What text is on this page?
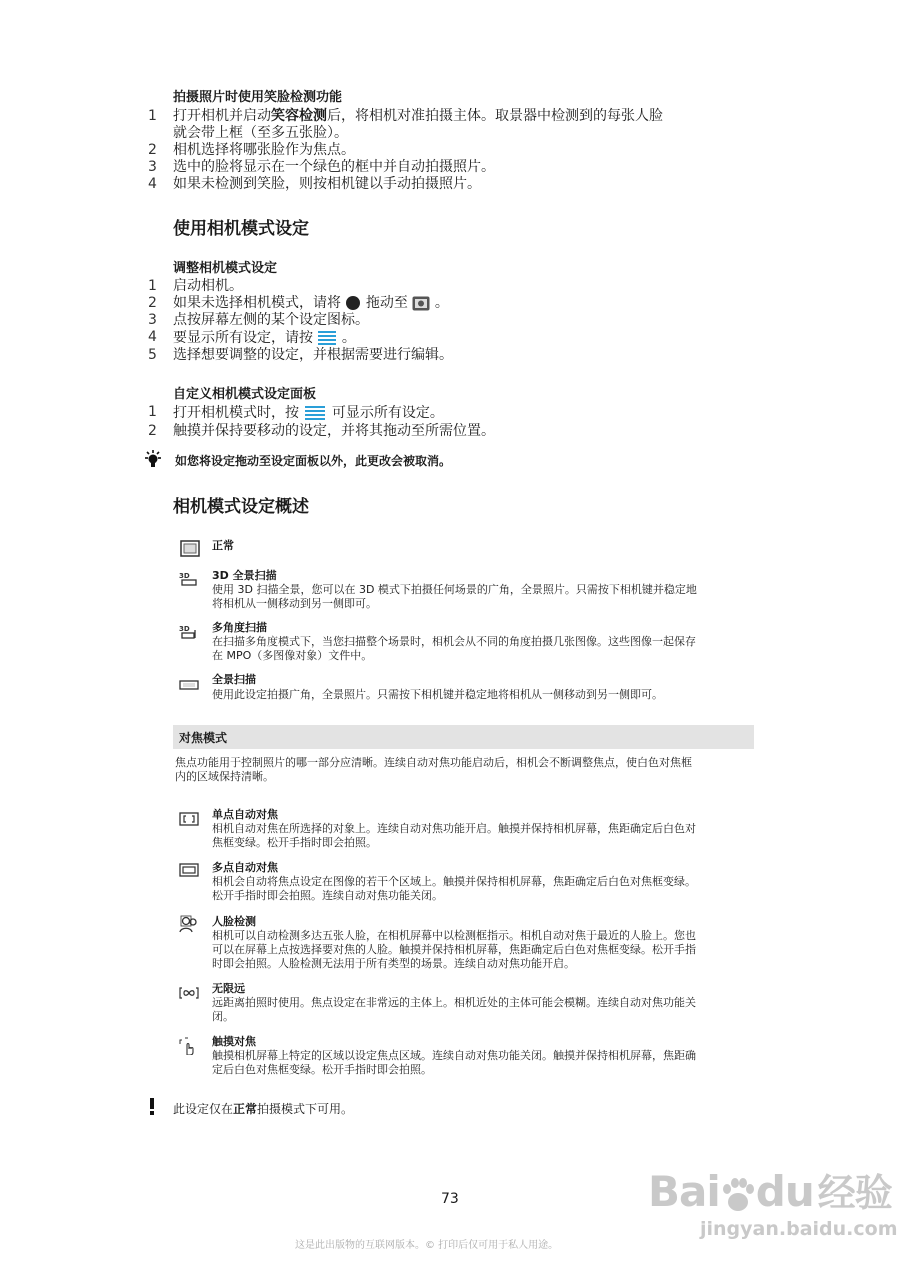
拍摄照片时使用笑脸检测功能
1 打开相机并启动笑容检测后，将相机对准拍摄主体。取景器中检测到的每张人脸
就会带上框（至多五张脸）。
2 相机选择将哪张脸作为焦点。
3 选中的脸将显示在一个绿色的框中并自动拍摄照片。
4 如果未检测到笑脸，则按相机键以手动拍摄照片。
使用相机模式设定
调整相机模式设定
1 启动相机。
2 如果未选择相机模式，请将 拖动至 。
3 点按屏幕左侧的某个设定图标。
4 要显示所有设定，请按 。
5 选择想要调整的设定，并根据需要进行编辑。
自定义相机模式设定面板
1 打开相机模式时，按 可显示所有设定。
2 触摸并保持要移动的设定，并将其拖动至所需位置。
如您将设定拖动至设定面板以外，此更改会被取消。
相机模式设定概述
正常
3D 3D 全景扫描
使用 3D 扫描全景，您可以在 3D 模式下拍摄任何场景的广角，全景照片。只需按下相机键并稳定地
将相机从一侧移动到另一侧即可。
3D 多角度扫描
在扫描多角度模式下，当您扫描整个场景时，相机会从不同的角度拍摄几张图像。这些图像一起保存
在 MPO（多图像对象）文件中。
全景扫描
使用此设定拍摄广角，全景照片。只需按下相机键并稳定地将相机从一侧移动到另一侧即可。
对焦模式
焦点功能用于控制照片的哪一部分应清晰。连续自动对焦功能启动后，相机会不断调整焦点，使白色对焦框
内的区域保持清晰。
单点自动对焦
相机自动对焦在所选择的对象上。连续自动对焦功能开启。触摸并保持相机屏幕，焦距确定后白色对
焦框变绿。松开手指时即会拍照。
多点自动对焦
相机会自动将焦点设定在图像的若干个区域上。触摸并保持相机屏幕，焦距确定后白色对焦框变绿。
松开手指时即会拍照。连续自动对焦功能关闭。
人脸检测
相机可以自动检测多达五张人脸，在相机屏幕中以检测框指示。相机自动对焦于最近的人脸上。您也
可以在屏幕上点按选择要对焦的人脸。触摸并保持相机屏幕，焦距确定后白色对焦框变绿。松开手指
时即会拍照。人脸检测无法用于所有类型的场景。连续自动对焦功能开启。
无限远
远距离拍照时使用。焦点设定在非常远的主体上。相机近处的主体可能会模糊。连续自动对焦功能关
闭。
触摸对焦
触摸相机屏幕上特定的区域以设定焦点区域。连续自动对焦功能关闭。触摸并保持相机屏幕，焦距确
定后白色对焦框变绿。松开手指时即会拍照。
此设定仅在正常拍摄模式下可用。
73
这是此出版物的互联网版本。© 打印后仅可用于私人用途。
Bai du 经验
jingyan.baidu.com
